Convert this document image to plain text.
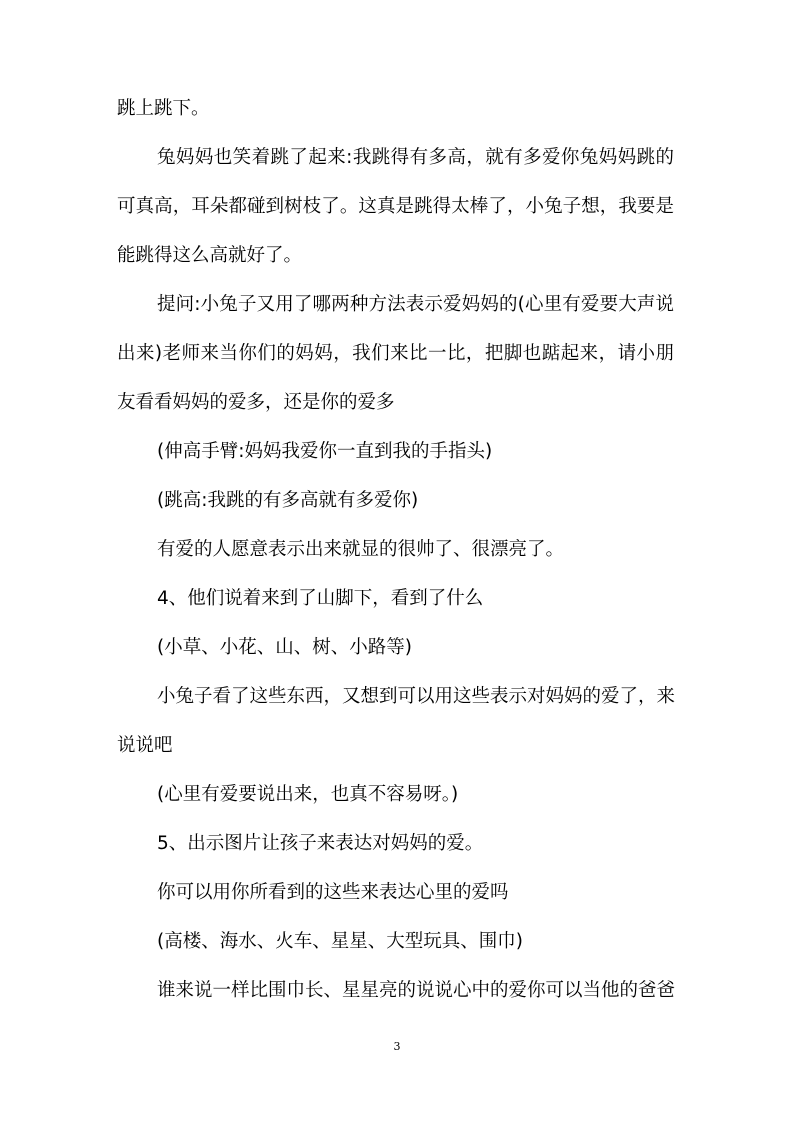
跳上跳下。
兔妈妈也笑着跳了起来:我跳得有多高，就有多爱你兔妈妈跳的
可真高，耳朵都碰到树枝了。这真是跳得太棒了，小兔子想，我要是
能跳得这么高就好了。
提问:小兔子又用了哪两种方法表示爱妈妈的(心里有爱要大声说
出来)老师来当你们的妈妈，我们来比一比，把脚也踮起来，请小朋
友看看妈妈的爱多，还是你的爱多
(伸高手臂:妈妈我爱你一直到我的手指头)
(跳高:我跳的有多高就有多爱你)
有爱的人愿意表示出来就显的很帅了、很漂亮了。
4、他们说着来到了山脚下，看到了什么
(小草、小花、山、树、小路等)
小兔子看了这些东西，又想到可以用这些表示对妈妈的爱了，来
说说吧
(心里有爱要说出来，也真不容易呀。)
5、出示图片让孩子来表达对妈妈的爱。
你可以用你所看到的这些来表达心里的爱吗
(高楼、海水、火车、星星、大型玩具、围巾)
谁来说一样比围巾长、星星亮的说说心中的爱你可以当他的爸爸
3
